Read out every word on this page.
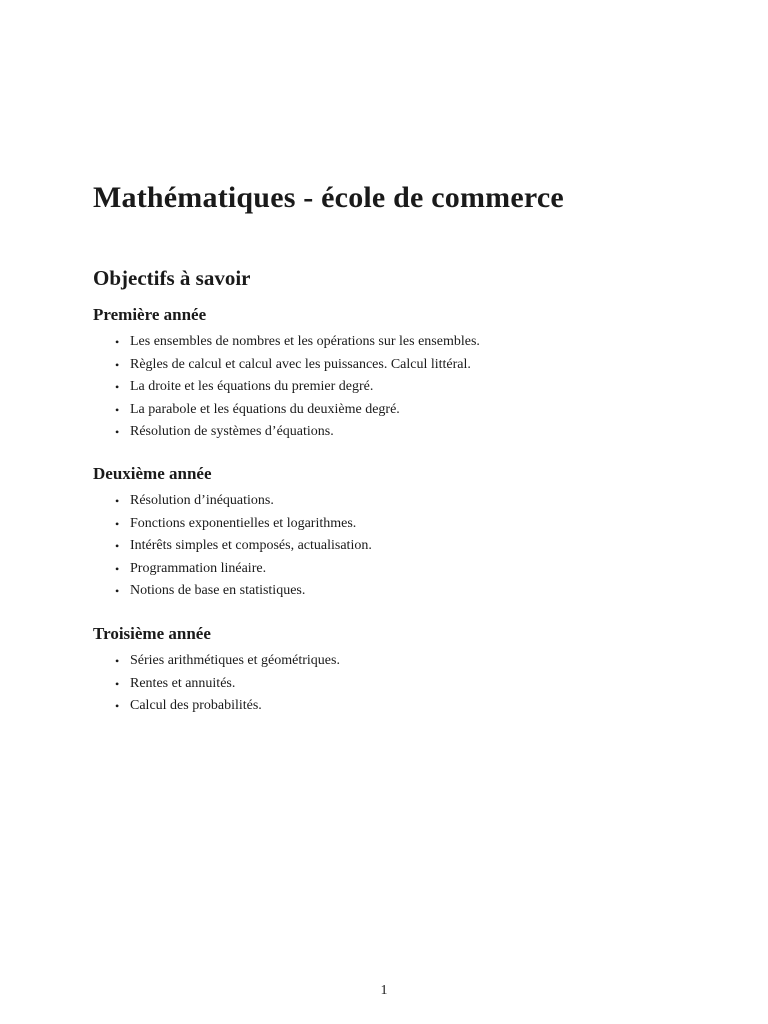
Mathématiques - école de commerce
Objectifs à savoir
Première année
• Les ensembles de nombres et les opérations sur les ensembles.
• Règles de calcul et calcul avec les puissances. Calcul littéral.
• La droite et les équations du premier degré.
• La parabole et les équations du deuxième degré.
• Résolution de systèmes d’équations.
Deuxième année
• Résolution d’inéquations.
• Fonctions exponentielles et logarithmes.
• Intérêts simples et composés, actualisation.
• Programmation linéaire.
• Notions de base en statistiques.
Troisième année
• Séries arithmétiques et géométriques.
• Rentes et annuités.
• Calcul des probabilités.
1
